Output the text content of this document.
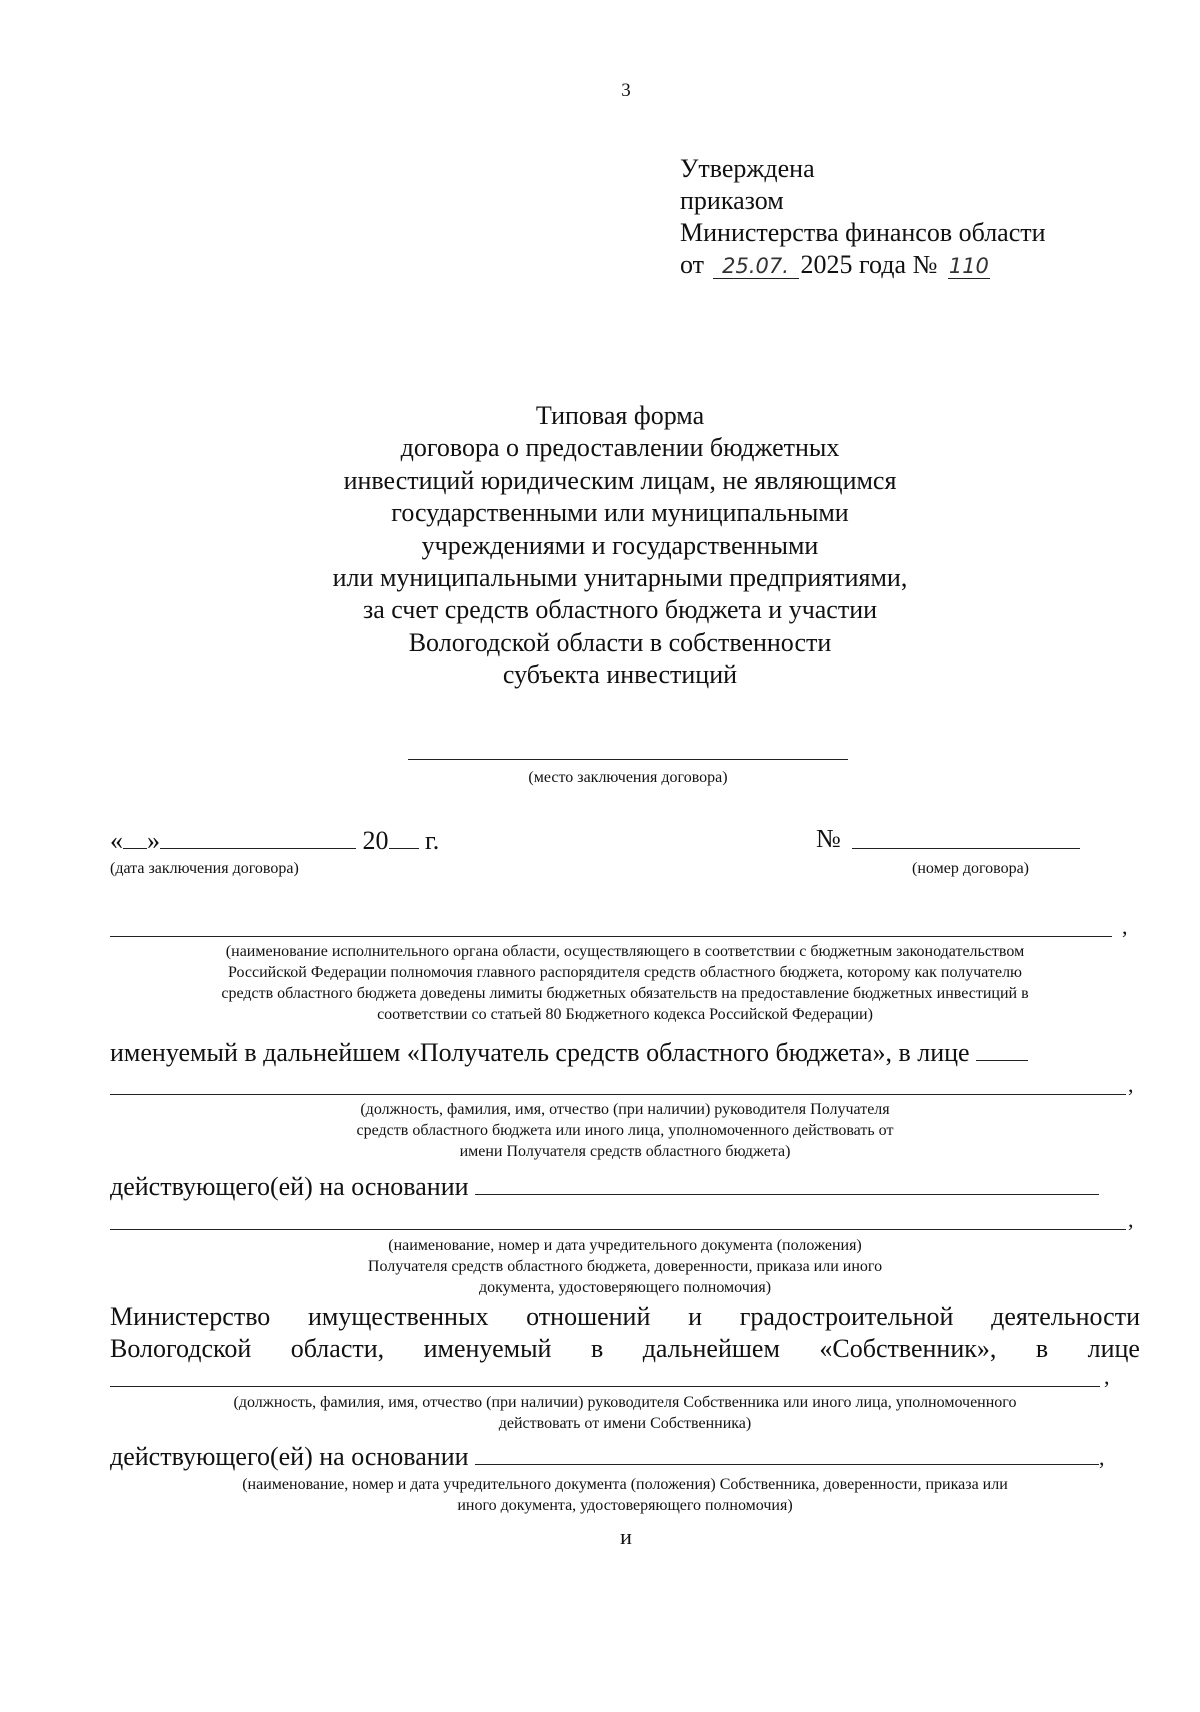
3
Утверждена
приказом
Министерства финансов области
от 25.07. 2025 года № 110
Типовая форма
договора о предоставлении бюджетных
инвестиций юридическим лицам, не являющимся
государственными или муниципальными
учреждениями и государственными
или муниципальными унитарными предприятиями,
за счет средств областного бюджета и участии
Вологодской области в собственности
субъекта инвестиций
(место заключения договора)
« »	20 г.
(дата заключения договора)
№
(номер договора)
,
(наименование исполнительного органа области, осуществляющего в соответствии с бюджетным законодательством
Российской Федерации полномочия главного распорядителя средств областного бюджета, которому как получателю
средств областного бюджета доведены лимиты бюджетных обязательств на предоставление бюджетных инвестиций в
соответствии со статьей 80 Бюджетного кодекса Российской Федерации)
именуемый в дальнейшем «Получатель средств областного бюджета», в лице
,
(должность, фамилия, имя, отчество (при наличии) руководителя Получателя
средств областного бюджета или иного лица, уполномоченного действовать от
имени Получателя средств областного бюджета)
действующего(ей) на основании
,
(наименование, номер и дата учредительного документа (положения)
Получателя средств областного бюджета, доверенности, приказа или иного
документа, удостоверяющего полномочия)
Министерство имущественных отношений и градостроительной деятельности
Вологодской области, именуемый в дальнейшем «Собственник», в лице
,
(должность, фамилия, имя, отчество (при наличии) руководителя Собственника или иного лица, уполномоченного
действовать от имени Собственника)
действующего(ей) на основании	,
(наименование, номер и дата учредительного документа (положения) Собственника, доверенности, приказа или
иного документа, удостоверяющего полномочия)
и
